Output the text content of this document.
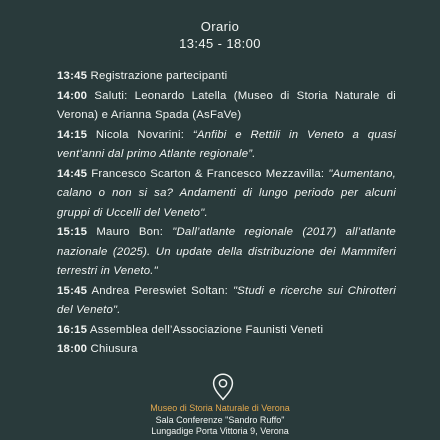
Orario
13:45 - 18:00

13:45 Registrazione partecipanti

14:00 Saluti: Leonardo Latella (Museo di Storia Naturale di Verona) e Arianna Spada (AsFaVe)

14:15 Nicola Novarini: “Anfibi e Rettili in Veneto a quasi vent’anni dal primo Atlante regionale”.

14:45 Francesco Scarton & Francesco Mezzavilla: "Aumentano, calano o non si sa? Andamenti di lungo periodo per alcuni gruppi di Uccelli del Veneto".

15:15 Mauro Bon: "Dall’atlante regionale (2017) all’atlante nazionale (2025). Un update della distribuzione dei Mammiferi terrestri in Veneto."

15:45 Andrea Pereswiet Soltan: "Studi e ricerche sui Chirotteri del Veneto".

16:15 Assemblea dell’Associazione Faunisti Veneti

18:00 Chiusura

Museo di Storia Naturale di Verona
Sala Conferenze "Sandro Ruffo"
Lungadige Porta Vittoria 9, Verona
